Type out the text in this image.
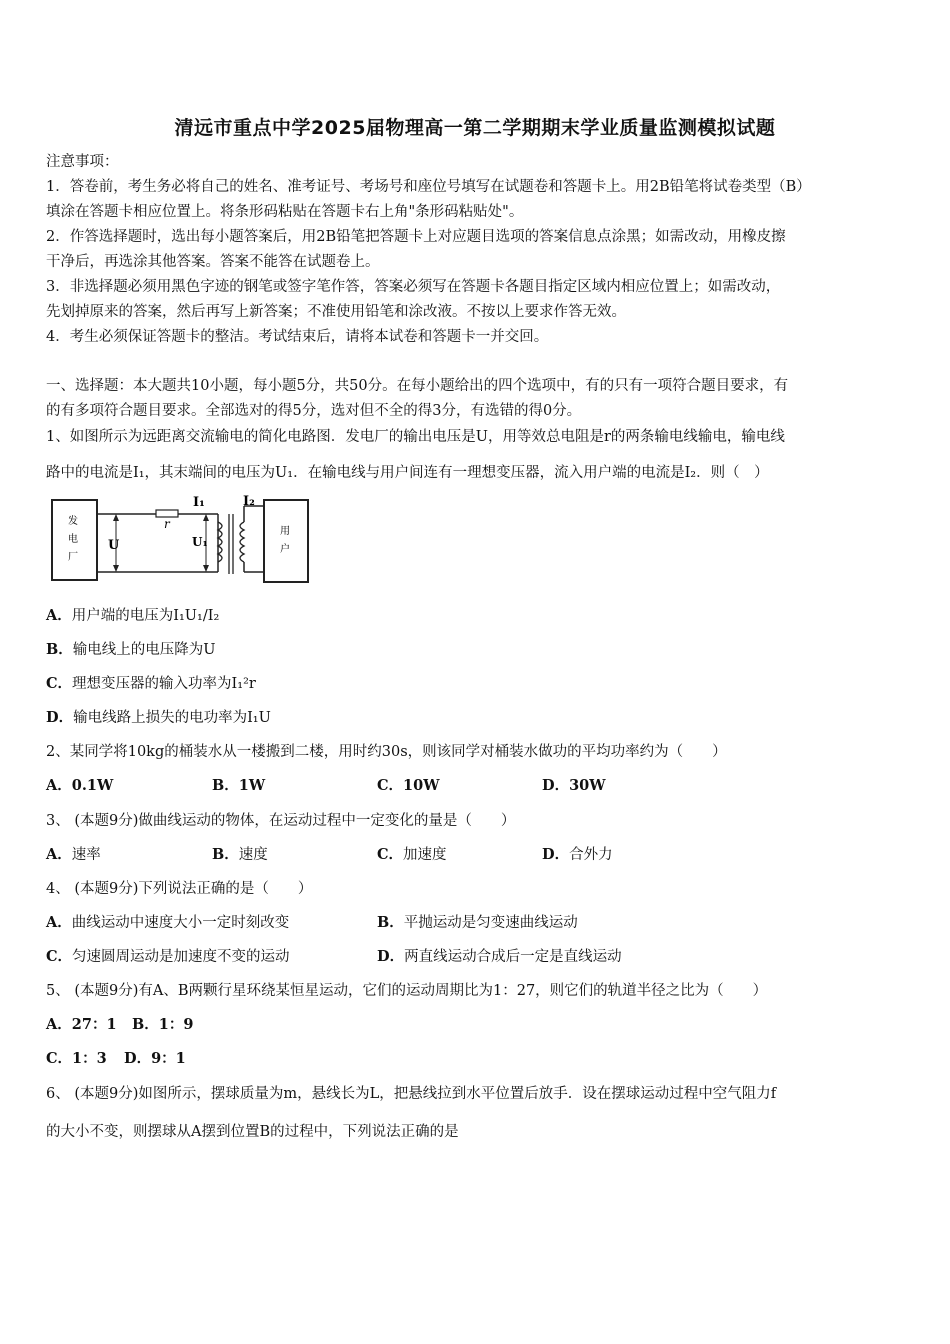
清远市重点中学2025届物理高一第二学期期末学业质量监测模拟试题
注意事项：
1．答卷前，考生务必将自己的姓名、准考证号、考场号和座位号填写在试题卷和答题卡上。用2B铅笔将试卷类型（B）
填涂在答题卡相应位置上。将条形码粘贴在答题卡右上角"条形码粘贴处"。
2．作答选择题时，选出每小题答案后，用2B铅笔把答题卡上对应题目选项的答案信息点涂黑；如需改动，用橡皮擦
干净后，再选涂其他答案。答案不能答在试题卷上。
3．非选择题必须用黑色字迹的钢笔或签字笔作答，答案必须写在答题卡各题目指定区域内相应位置上；如需改动，
先划掉原来的答案，然后再写上新答案；不准使用铅笔和涂改液。不按以上要求作答无效。
4．考生必须保证答题卡的整洁。考试结束后，请将本试卷和答题卡一并交回。
一、选择题：本大题共10小题，每小题5分，共50分。在每小题给出的四个选项中，有的只有一项符合题目要求，有
的有多项符合题目要求。全部选对的得5分，选对但不全的得3分，有选错的得0分。
1、如图所示为远距离交流输电的简化电路图．发电厂的输出电压是U，用等效总电阻是r的两条输电线输电，输电线
路中的电流是I₁，其末端间的电压为U₁．在输电线与用户间连有一理想变压器，流入用户端的电流是I₂．则（　）
发
电
厂
r
U	U₁
I₁	I₂
用
户
A．用户端的电压为I₁U₁/I₂
B．输电线上的电压降为U
C．理想变压器的输入功率为I₁²r
D．输电线路上损失的电功率为I₁U
2、某同学将10kg的桶装水从一楼搬到二楼，用时约30s，则该同学对桶装水做功的平均功率约为（　　）
A．0.1W	B．1W	C．10W	D．30W
3、 (本题9分)做曲线运动的物体，在运动过程中一定变化的量是（　　）
A．速率	B．速度	C．加速度	D．合外力
4、 (本题9分)下列说法正确的是（　　）
A．曲线运动中速度大小一定时刻改变	B．平抛运动是匀变速曲线运动
C．匀速圆周运动是加速度不变的运动	D．两直线运动合成后一定是直线运动
5、 (本题9分)有A、B两颗行星环绕某恒星运动，它们的运动周期比为1：27，则它们的轨道半径之比为（　　）
A．27：1 B．1：9
C．1：3 D．9：1
6、 (本题9分)如图所示，摆球质量为m，悬线长为L，把悬线拉到水平位置后放手．设在摆球运动过程中空气阻力f
的大小不变，则摆球从A摆到位置B的过程中，下列说法正确的是
